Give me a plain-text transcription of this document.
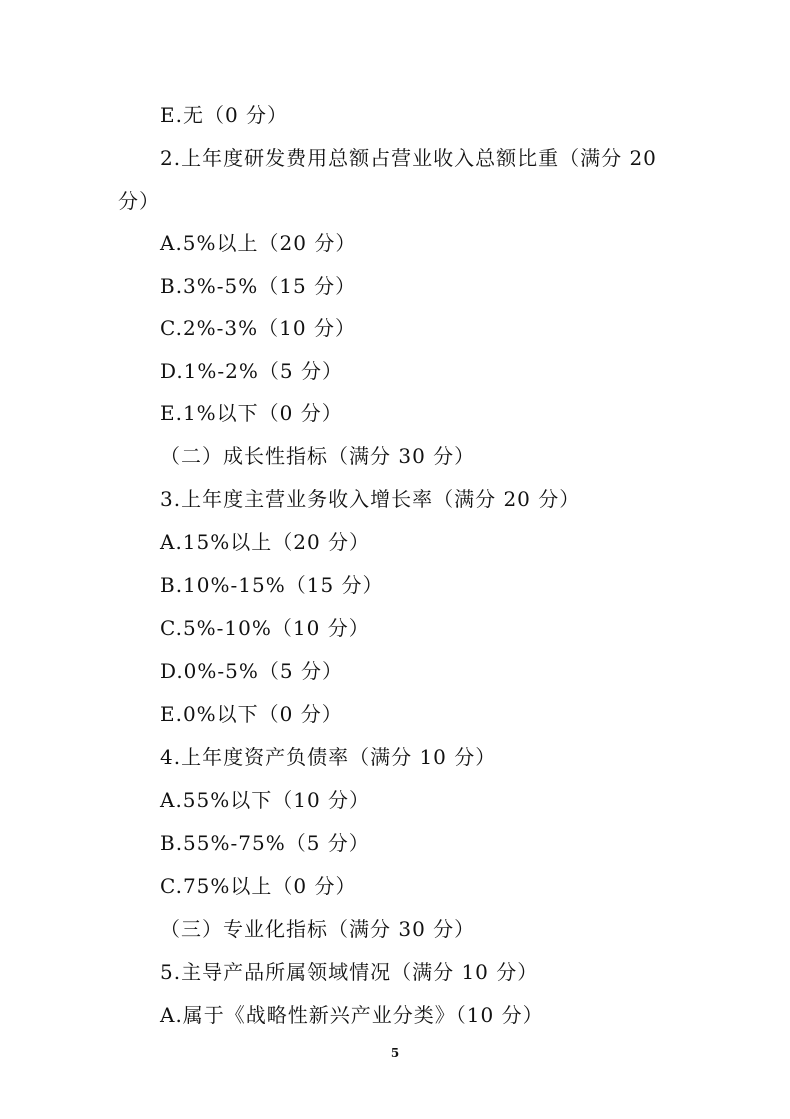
E.无（0 分）
2.上年度研发费用总额占营业收入总额比重（满分 20
分）
A.5%以上（20 分）
B.3%-5%（15 分）
C.2%-3%（10 分）
D.1%-2%（5 分）
E.1%以下（0 分）
（二）成长性指标（满分 30 分）
3.上年度主营业务收入增长率（满分 20 分）
A.15%以上（20 分）
B.10%-15%（15 分）
C.5%-10%（10 分）
D.0%-5%（5 分）
E.0%以下（0 分）
4.上年度资产负债率（满分 10 分）
A.55%以下（10 分）
B.55%-75%（5 分）
C.75%以上（0 分）
（三）专业化指标（满分 30 分）
5.主导产品所属领域情况（满分 10 分）
A.属于《战略性新兴产业分类》（10 分）
5
